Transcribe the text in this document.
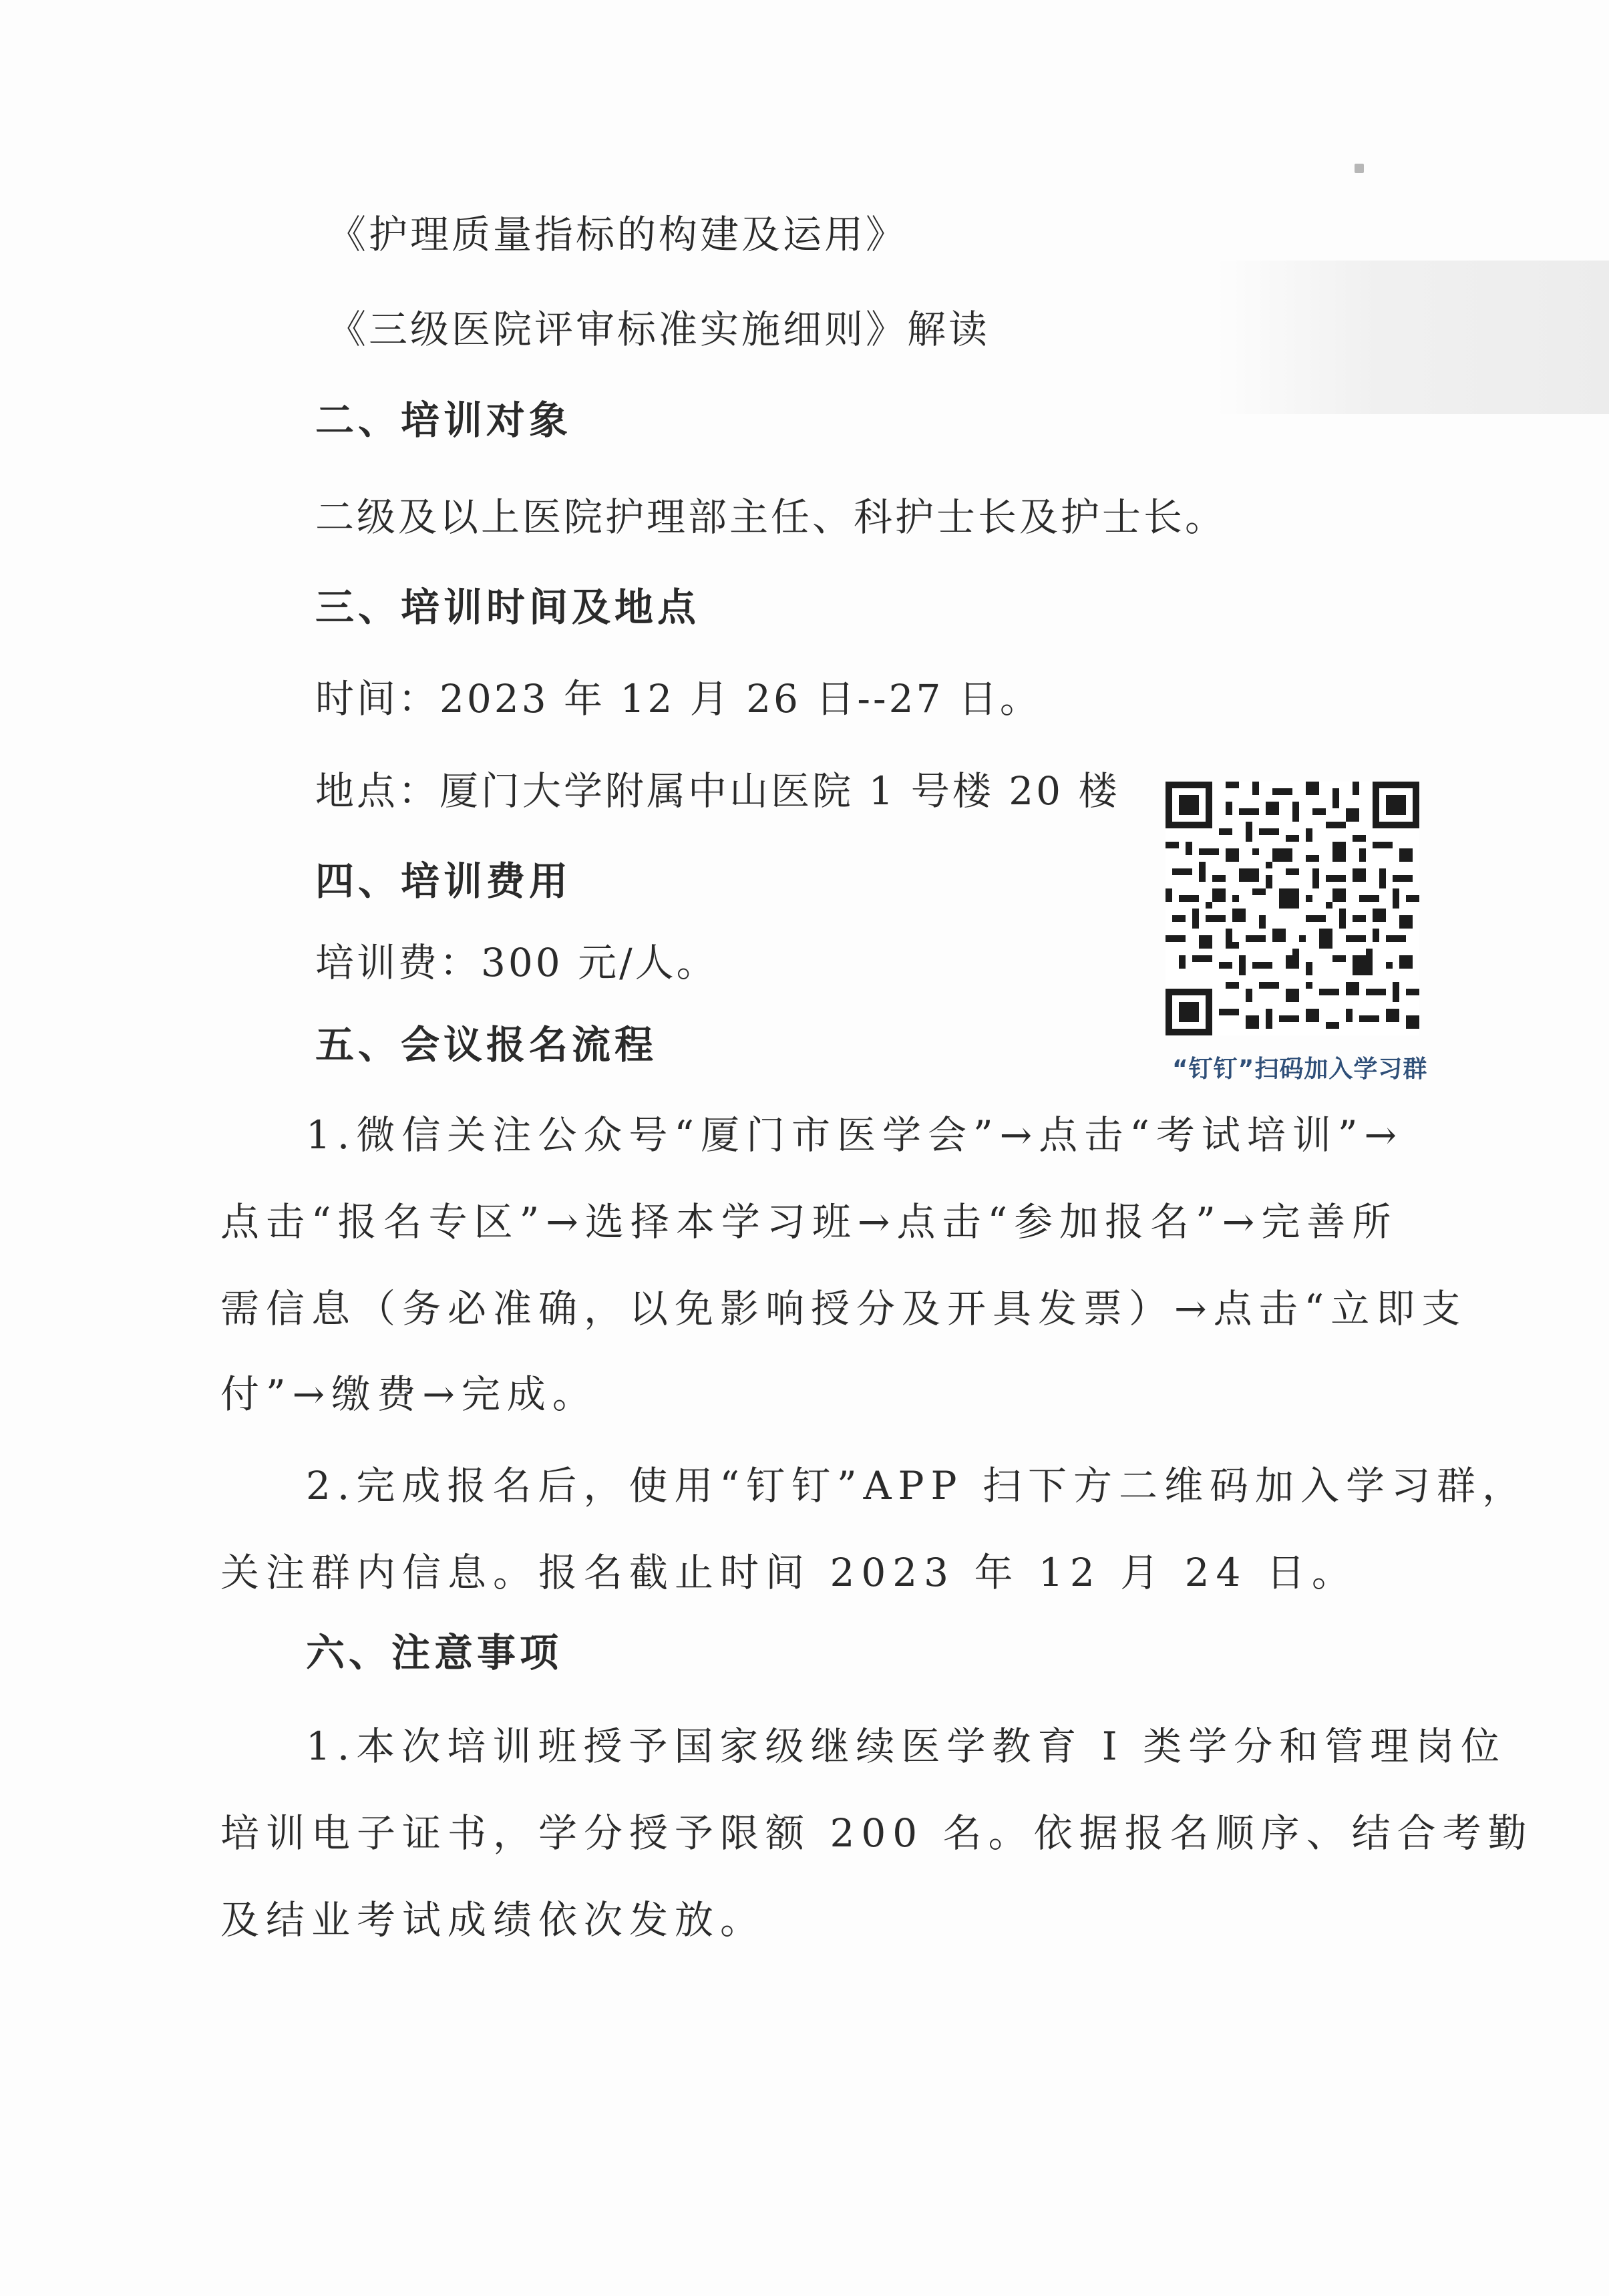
《护理质量指标的构建及运用》
《三级医院评审标准实施细则》解读
二、培训对象
二级及以上医院护理部主任、科护士长及护士长。
三、培训时间及地点
时间：2023 年 12 月 26 日--27 日。
地点：厦门大学附属中山医院 1 号楼 20 楼
四、培训费用
培训费：300 元/人。
五、会议报名流程
1.微信关注公众号“厦门市医学会”→点击“考试培训”→
点击“报名专区”→选择本学习班→点击“参加报名”→完善所
需信息（务必准确，以免影响授分及开具发票）→点击“立即支
付”→缴费→完成。
2.完成报名后，使用“钉钉”APP 扫下方二维码加入学习群，
关注群内信息。报名截止时间 2023 年 12 月 24 日。
六、注意事项
1.本次培训班授予国家级继续医学教育 I 类学分和管理岗位
培训电子证书，学分授予限额 200 名。依据报名顺序、结合考勤
及结业考试成绩依次发放。
“钉钉”扫码加入学习群
